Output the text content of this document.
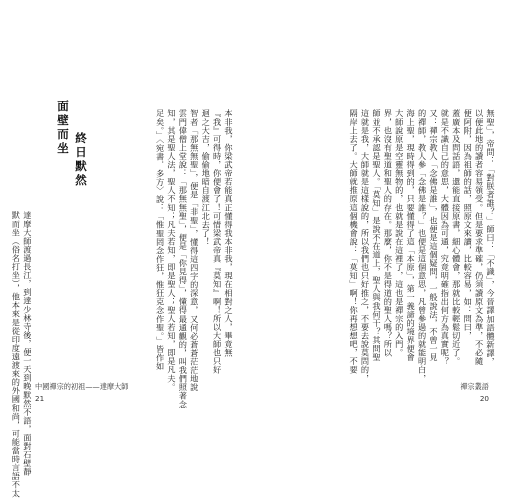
本非我，你梁武帝若能真正懂得我本非我，現在相對之人，畢竟無
『我』可得時，你便會了！可惜梁武帝真『莫知』啊！所以大師也只好
迴之大吉，偷偷地暗自渡江北去了！
智者「那無無聖」，便是「非聖」，懂得這四字的深意，又何必蒼蒼茫茫地說
雲門偉僧上堂說：「那無無聖」，便是「你見得」，懂得最通觀的，叫我們照著念
知，其是聖人法，聖人不知；凡夫若知，即是聖人；聖人若知，即是凡夫。
足矣。」〈宛書．多方〉說：「惟聖罔念作狂，惟狂克念作聖。」皆作如
面壁而坐
終日默然
達摩大師渡過長江，到達少林寺後，便一天到晚默然不語，面對石壁靜
默而坐（俗名打坐），他本來是從印度遠渡來的外國和尚，可能當時言語不太 中國禪宗的初祖——達摩大師
21
無聖」，帝問：「對朕者誰？」師曰：「不識」，今晉譯加語體新譯，
以便此地的讀者容易領受。但是要求準確，仍須讀原文為準，不必隨
便阿附，因為祖師的話，照原文來讀，比較容易，如：問曰，
蓋廣本及問話語，還能直接原書，細心體會，那就比較輕鬆切近了。
就是不識自己的意思，大體因為可通，究竟明確指出何方為真實呢？
又：禪宗教人「念佛是誰」，也便是這個疑問，一般說法，不曾一見
的禪師，教人參「念佛是誰？」也便是這個意思，凡曾參過的就能明白，
海上聖，現時得到的，只要懂得了這「本原」，第一義諦的境界便會
大師說原是空靈無物的，也就是說在這裡了，這也是禪宗的入門。
界，也沒有聖道和聖人的存在。那麼，你不是得道的聖人嗎？所以
師並不承認是聖人。「莫知」是說不在道上，聖人與我何干？其問聖
這就是我，大師就是這樣說的，所以我們也只好推之，不要去說莫問的，
隔岸上去了。大師就推原這個機會說：「莫知」啊！你再想想吧，不要
禪宗叢語
20
